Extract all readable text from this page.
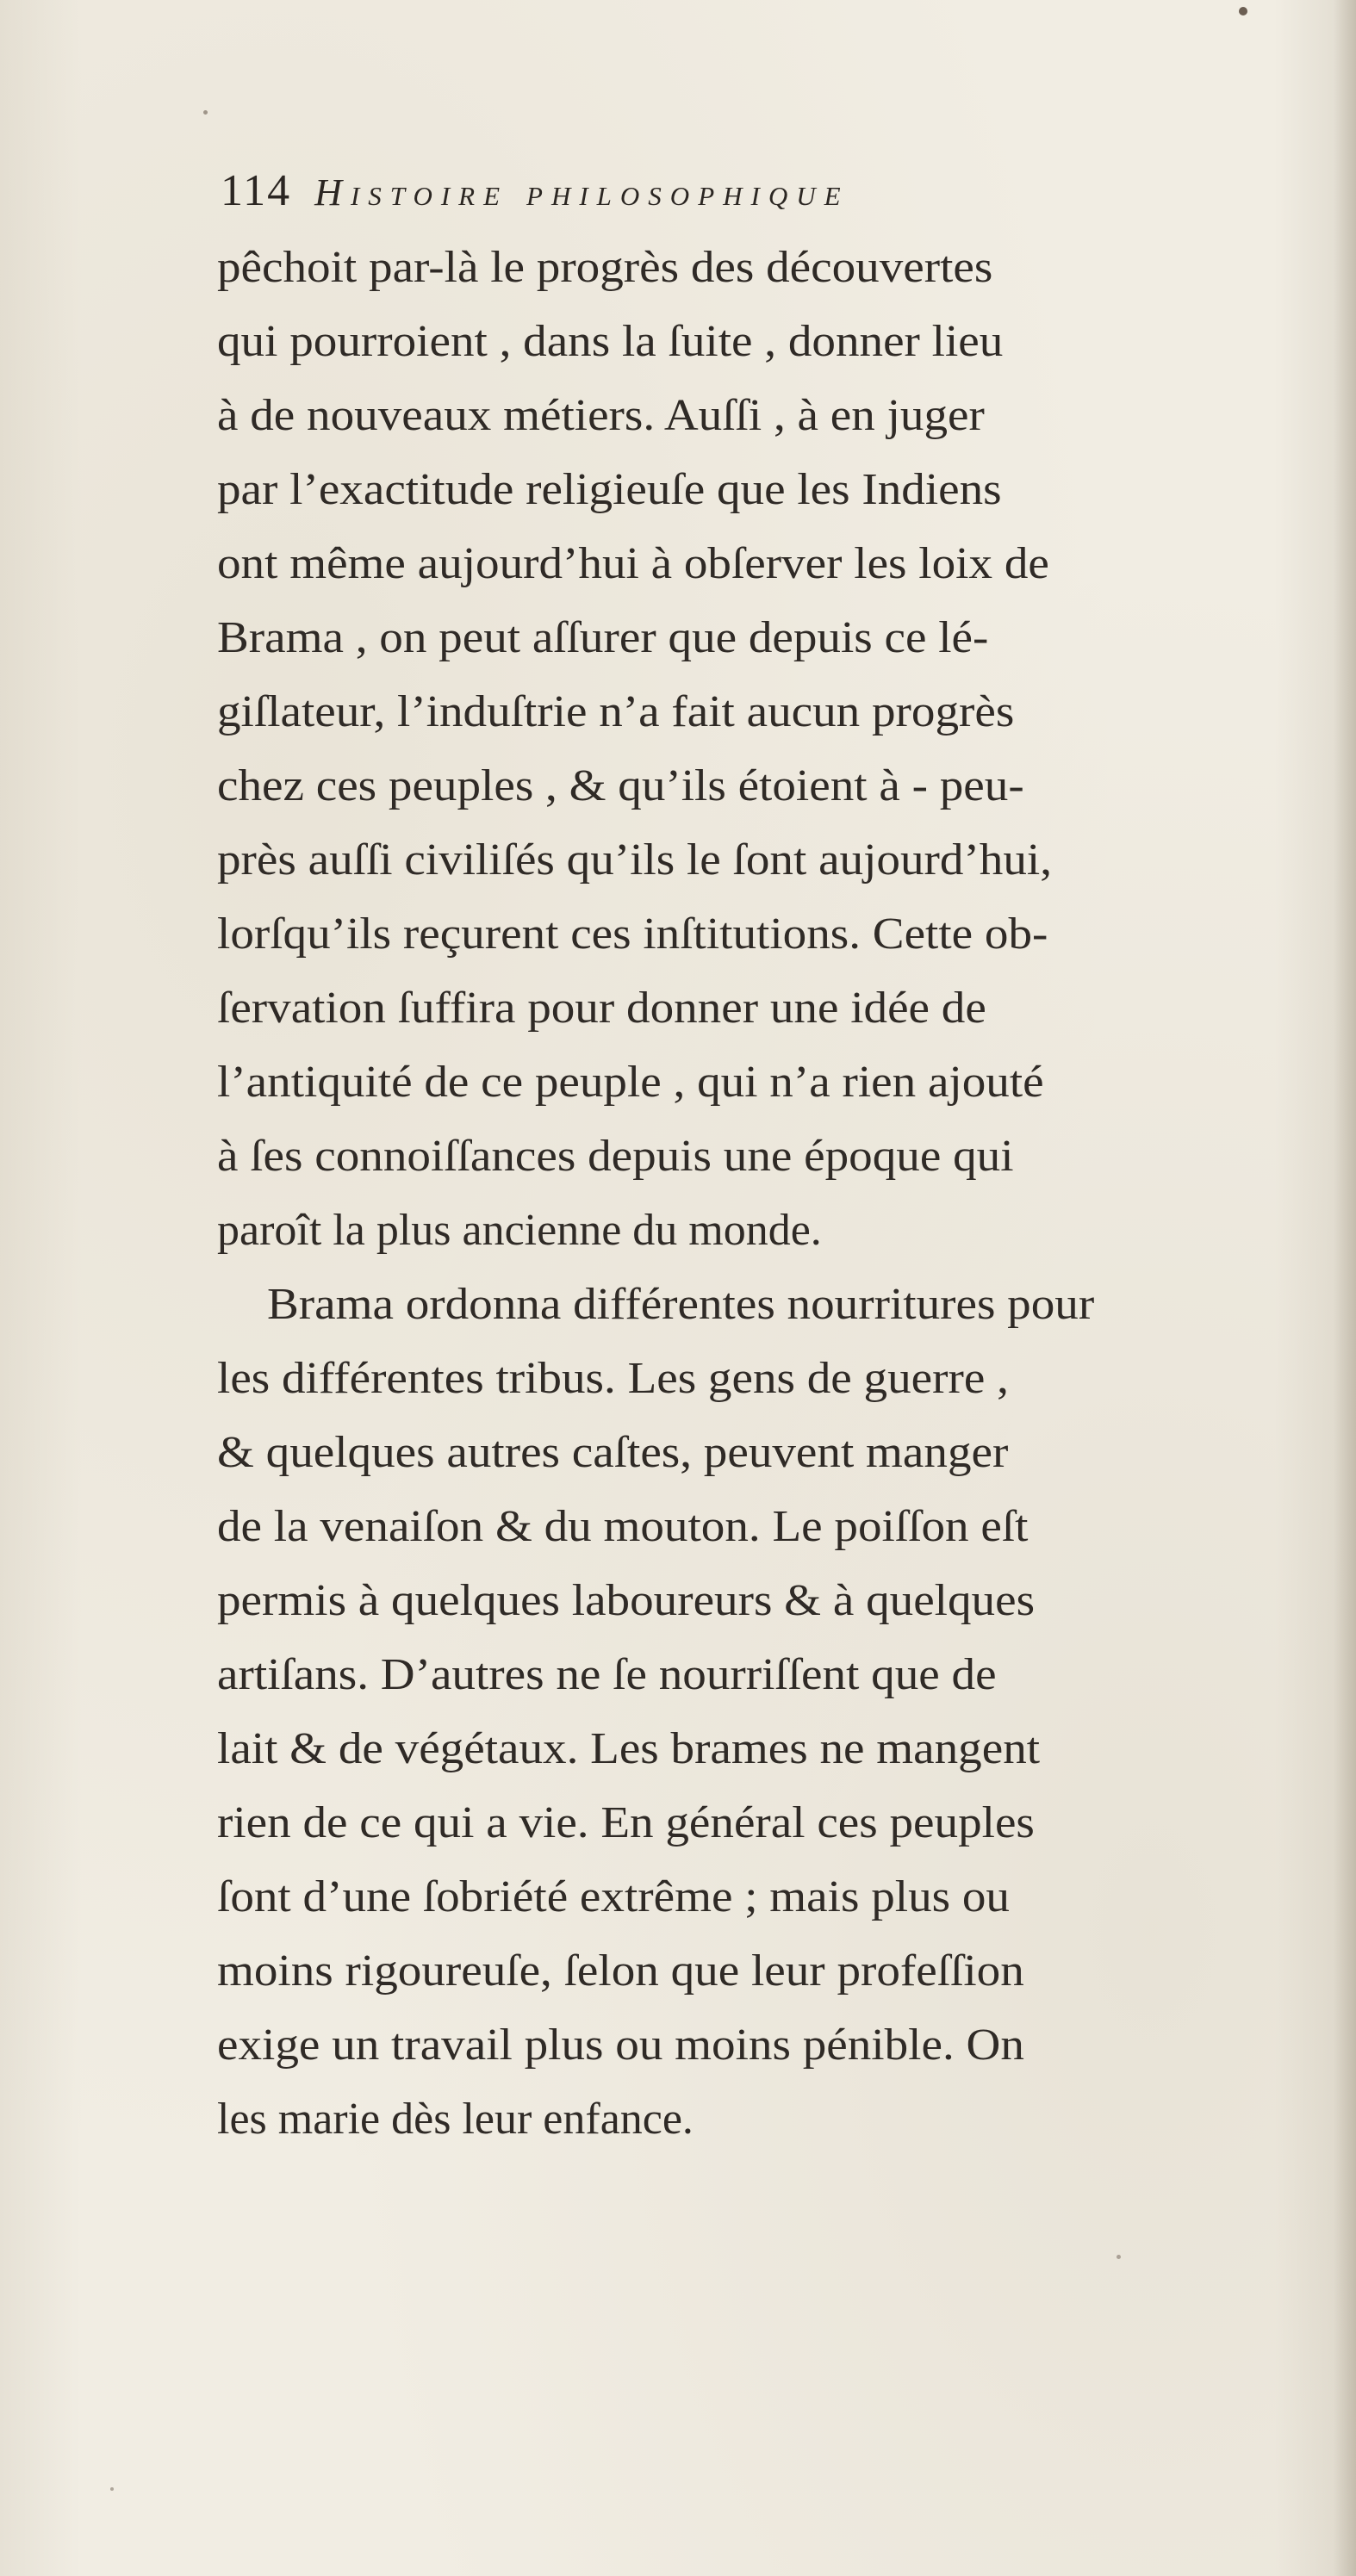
114 Histoire philosophique
pêchoit par-là le progrès des découvertes
qui pourroient , dans la ſuite , donner lieu
à de nouveaux métiers. Auſſi , à en juger
par l’exactitude religieuſe que les Indiens
ont même aujourd’hui à obſerver les loix de
Brama , on peut aſſurer que depuis ce lé-
giſlateur, l’induſtrie n’a fait aucun progrès
chez ces peuples , & qu’ils étoient à - peu-
près auſſi civiliſés qu’ils le ſont aujourd’hui,
lorſqu’ils reçurent ces inſtitutions. Cette ob-
ſervation ſuffira pour donner une idée de
l’antiquité de ce peuple , qui n’a rien ajouté
à ſes connoiſſances depuis une époque qui
paroît la plus ancienne du monde.
Brama ordonna différentes nourritures pour
les différentes tribus. Les gens de guerre ,
& quelques autres caſtes, peuvent manger
de la venaiſon & du mouton. Le poiſſon eſt
permis à quelques laboureurs & à quelques
artiſans. D’autres ne ſe nourriſſent que de
lait & de végétaux. Les brames ne mangent
rien de ce qui a vie. En général ces peuples
ſont d’une ſobriété extrême ; mais plus ou
moins rigoureuſe, ſelon que leur profeſſion
exige un travail plus ou moins pénible. On
les marie dès leur enfance.
